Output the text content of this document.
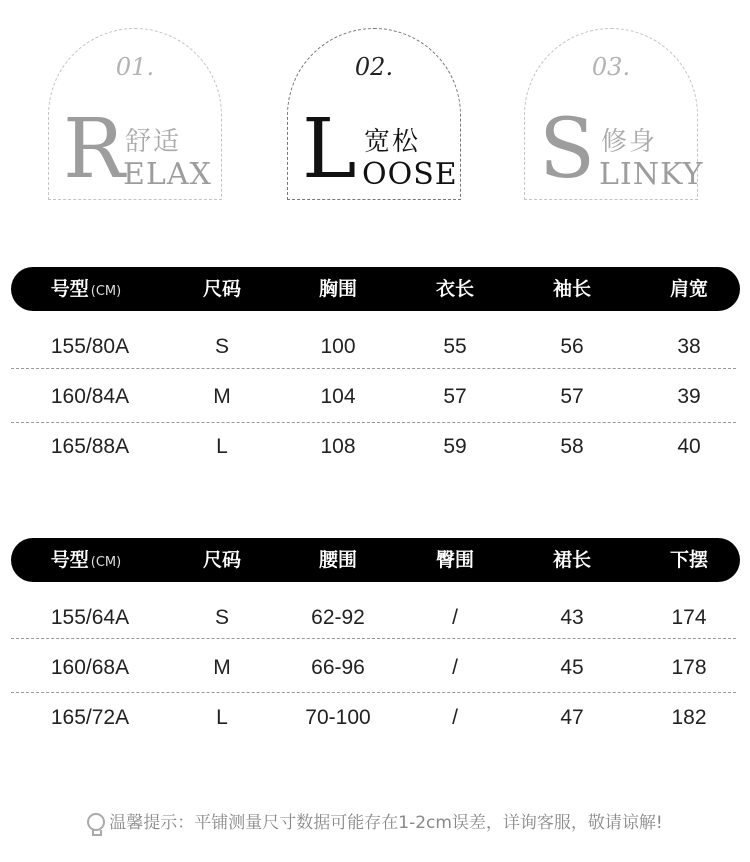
01.
R 舒适
ELAX
02.
L 宽松
OOSE
03.
S 修身
LINKY
号型 (CM)	尺码	胸围	衣长	袖长	肩宽
155/80A	S	100	55	56	38
160/84A	M	104	57	57	39
165/88A	L	108	59	58	40
号型 (CM)	尺码	腰围	臀围	裙长	下摆
155/64A	S	62-92	/	43	174
160/68A	M	66-96	/	45	178
165/72A	L	70-100	/	47	182
温馨提示：平铺测量尺寸数据可能存在1-2cm误差，详询客服，敬请谅解!
